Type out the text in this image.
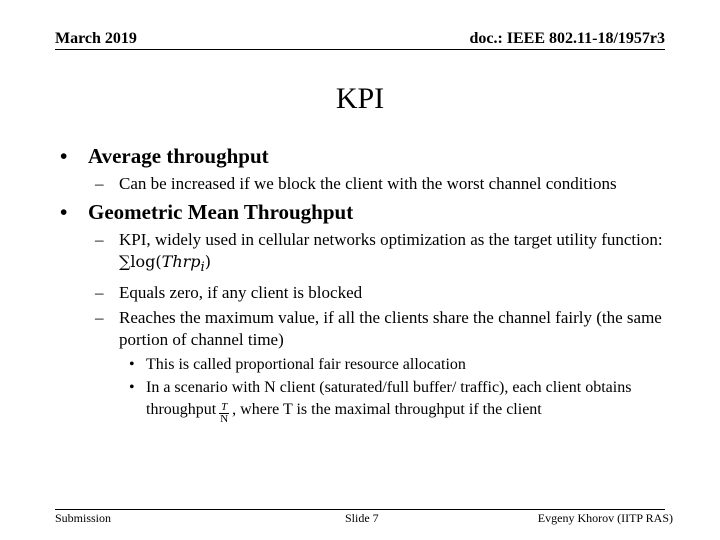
March 2019	doc.: IEEE 802.11-18/1957r3
KPI
• Average throughput
– Can be increased if we block the client with the worst channel conditions
• Geometric Mean Throughput
– KPI, widely used in cellular networks optimization as the target utility function: ∑log(Thrp$_i$)
– Equals zero, if any client is blocked
– Reaches the maximum value, if all the clients share the channel fairly (the same portion of channel time)
• This is called proportional fair resource allocation
• In a scenario with N client (saturated/full buffer/ traffic), each client obtains throughput $\frac{T}{N}$ , where T is the maximal throughput if the client
Submission	Slide 7	Evgeny Khorov (IITP RAS)
